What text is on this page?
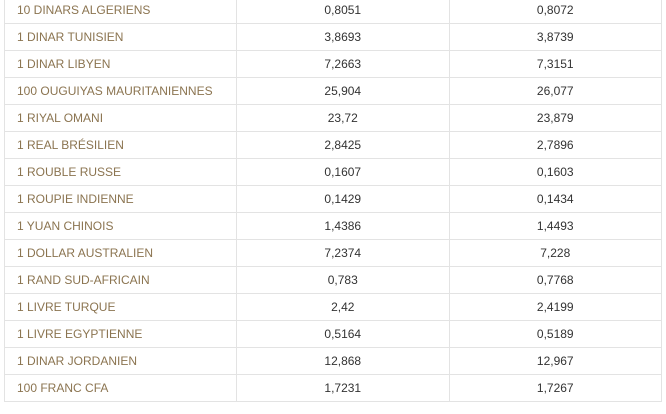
10 DINARS ALGERIENS	0,8051	0,8072
1 DINAR TUNISIEN	3,8693	3,8739
1 DINAR LIBYEN	7,2663	7,3151
100 OUGUIYAS MAURITANIENNES	25,904	26,077
1 RIYAL OMANI	23,72	23,879
1 REAL BRÉSILIEN	2,8425	2,7896
1 ROUBLE RUSSE	0,1607	0,1603
1 ROUPIE INDIENNE	0,1429	0,1434
1 YUAN CHINOIS	1,4386	1,4493
1 DOLLAR AUSTRALIEN	7,2374	7,228
1 RAND SUD-AFRICAIN	0,783	0,7768
1 LIVRE TURQUE	2,42	2,4199
1 LIVRE EGYPTIENNE	0,5164	0,5189
1 DINAR JORDANIEN	12,868	12,967
100 FRANC CFA	1,7231	1,7267
